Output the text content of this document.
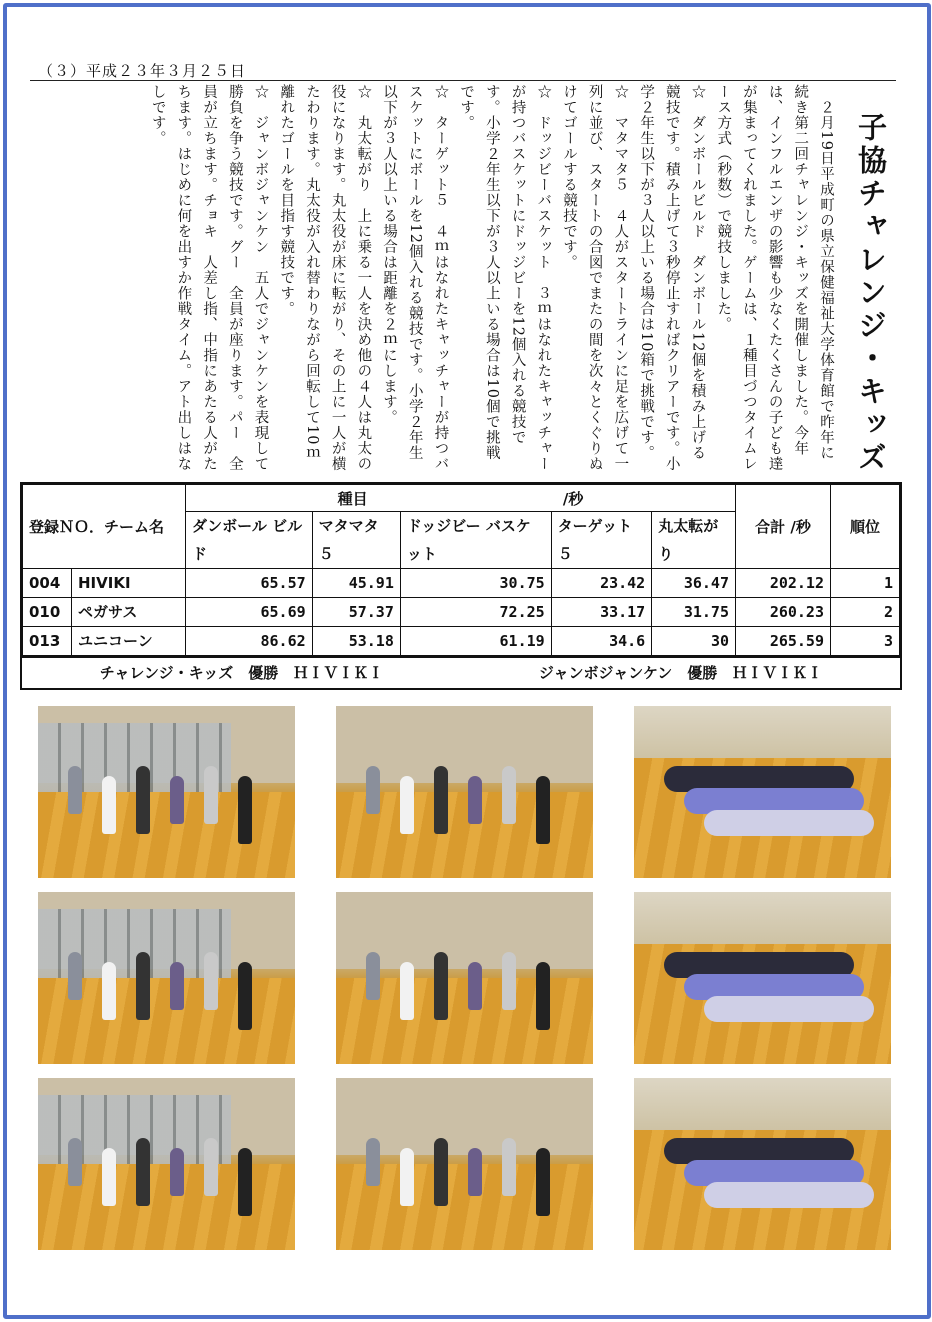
（３）平成２３年３月２５日
子協チャレンジ・キッズ

　２月19日平成町の県立保健福祉大学体育館で昨年に続き第二回チャレンジ・キッズを開催しました。今年は、インフルエンザの影響も少なくたくさんの子ども達が集まってくれました。ゲームは、１種目づつタイムレース方式（秒数）で競技しました。

☆　ダンボールビルド　ダンボール12個を積み上げる競技です。積み上げて３秒停止すればクリアーです。小学２年生以下が３人以上いる場合は10箱で挑戦です。

☆　マタマタ５　４人がスタートラインに足を広げて一列に並び、スタートの合図でまたの間を次々とくぐりぬけてゴールする競技です。

☆　ドッジビーバスケット　３ｍはなれたキャッチャーが持つバスケットにドッジビーを12個入れる競技です。小学２年生以下が３人以上いる場合は10個で挑戦です。

☆　ターゲット５　４ｍはなれたキャッチャーが持つバスケットにボールを12個入れる競技です。小学２年生以下が３人以上いる場合は距離を２ｍにします。

☆　丸太転がり　上に乗る一人を決め他の４人は丸太の役になります。丸太役が床に転がり、その上に一人が横たわります。丸太役が入れ替わりながら回転して10ｍ離れたゴールを目指す競技です。

☆　ジャンボジャンケン　五人でジャンケンを表現して勝負を争う競技です。グー　全員が座ります。パー　全員が立ちます。チョキ　人差し指、中指にあたる人がたちます。はじめに何を出すか作戦タイム。アト出しはなしです。

登録ＮＯ．チーム名	種目 /秒					合計 /秒	順位
	ダンボール ビルド	マタマタ ５	ドッジビー バスケット	ターゲット ５	丸太転がり		
004 HIVIKI	65.57	45.91	30.75	23.42	36.47	202.12	1
010 ペガサス	65.69	57.37	72.25	33.17	31.75	260.23	2
013 ユニコーン	86.62	53.18	61.19	34.6	30	265.59	3
チャレンジ・キッズ　優勝　ＨＩＶＩＫＩ	ジャンボジャンケン　優勝　ＨＩＶＩＫＩ
